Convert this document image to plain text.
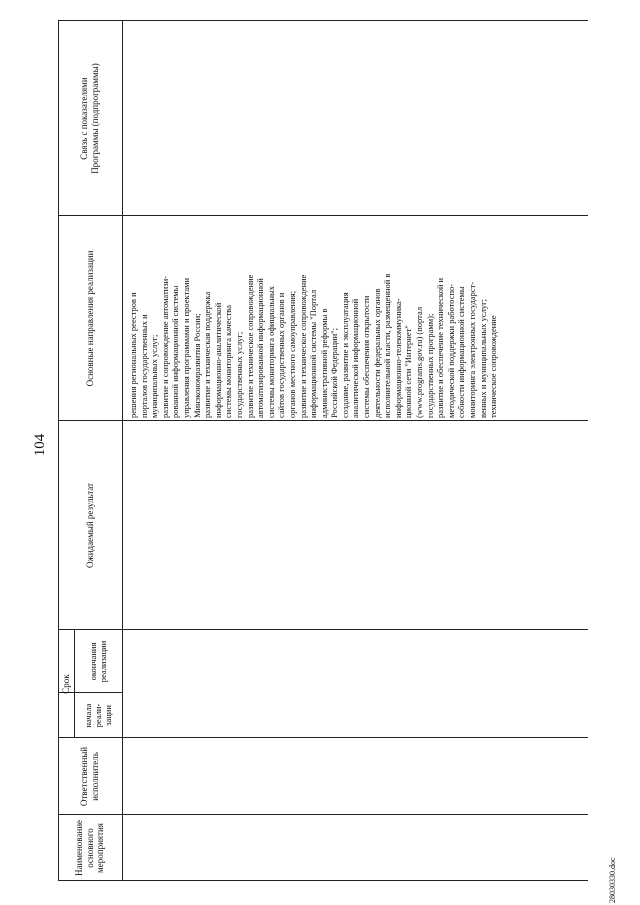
104
Наименование основного мероприятия
Ответственный исполнитель
Срок
начала реали-зации
окончания реализации
Ожидаемый результат
Основные направления реализации
Связь с показателями Программы (подпрограммы)

решения региональных реестров и порталов государственных и муниципальных услуг; развитие и сопровождение автоматизи- рованной информационной системы управления программами и проектами Минэкономразвития России; развитие и техническая поддержка информационно-аналитической системы мониторинга качества государственных услуг; развитие и техническое сопровождение автоматизированной информационной системы мониторинга официальных сайтов государственных органов и органов местного самоуправления; развитие и техническое сопровождение информационной системы "Портал административной реформы в Российской Федерации"; создание, развитие и эксплуатация аналитической информационной системы обеспечения открытости деятельности федеральных органов исполнительной власти, размещенной в информационно-телекоммуника- ционной сети "Интернет" (www.programs.gov.ru) (портал государственных программ); развитие и обеспечение технической и методической поддержки работоспо- собности информационной системы мониторинга электронных государст- венных и муниципальных услуг; техническое сопровождение

28030330.doc
